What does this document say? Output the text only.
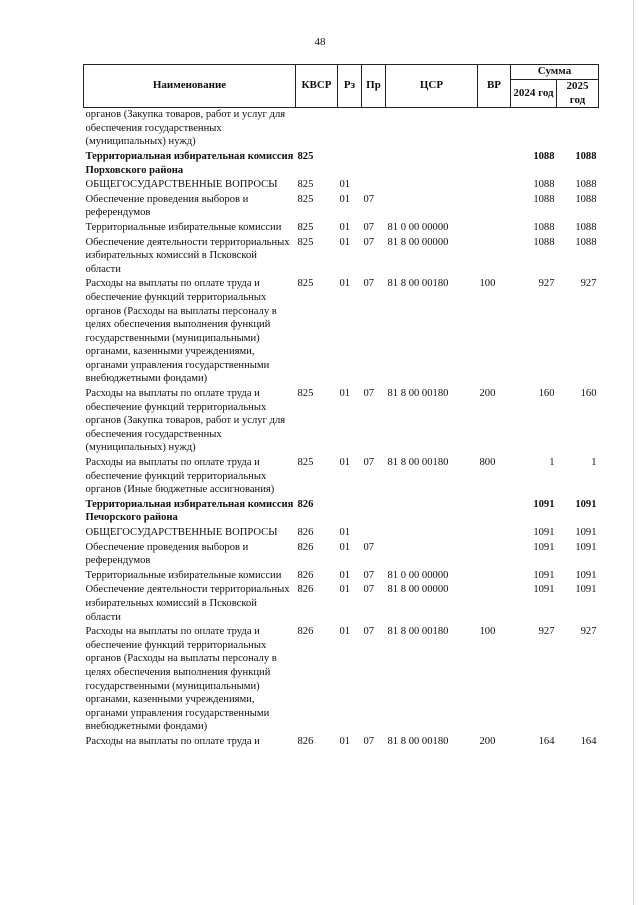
48
Наименование	КВСР	Рз	Пр	ЦСР	ВР	Сумма	
						2024 год	2025 год
органов (Закупка товаров, работ и услуг для обеспечения государственных (муниципальных) нужд)							
Территориальная избирательная комиссия Порховского района	825					1088	1088
ОБЩЕГОСУДАРСТВЕННЫЕ ВОПРОСЫ	825	01				1088	1088
Обеспечение проведения выборов и референдумов	825	01	07			1088	1088
Территориальные избирательные комиссии	825	01	07	81 0 00 00000		1088	1088
Обеспечение деятельности территориальных избирательных комиссий в Псковской области	825	01	07	81 8 00 00000		1088	1088
Расходы на выплаты по оплате труда и обеспечение функций территориальных органов (Расходы на выплаты персоналу в целях обеспечения выполнения функций государственными (муниципальными) органами, казенными учреждениями, органами управления государственными внебюджетными фондами)	825	01	07	81 8 00 00180	100	927	927
Расходы на выплаты по оплате труда и обеспечение функций территориальных органов (Закупка товаров, работ и услуг для обеспечения государственных (муниципальных) нужд)	825	01	07	81 8 00 00180	200	160	160
Расходы на выплаты по оплате труда и обеспечение функций территориальных органов (Иные бюджетные ассигнования)	825	01	07	81 8 00 00180	800	1	1
Территориальная избирательная комиссия Печорского района	826					1091	1091
ОБЩЕГОСУДАРСТВЕННЫЕ ВОПРОСЫ	826	01				1091	1091
Обеспечение проведения выборов и референдумов	826	01	07			1091	1091
Территориальные избирательные комиссии	826	01	07	81 0 00 00000		1091	1091
Обеспечение деятельности территориальных избирательных комиссий в Псковской области	826	01	07	81 8 00 00000		1091	1091
Расходы на выплаты по оплате труда и обеспечение функций территориальных органов (Расходы на выплаты персоналу в целях обеспечения выполнения функций государственными (муниципальными) органами, казенными учреждениями, органами управления государственными внебюджетными фондами)	826	01	07	81 8 00 00180	100	927	927
Расходы на выплаты по оплате труда и	826	01	07	81 8 00 00180	200	164	164
